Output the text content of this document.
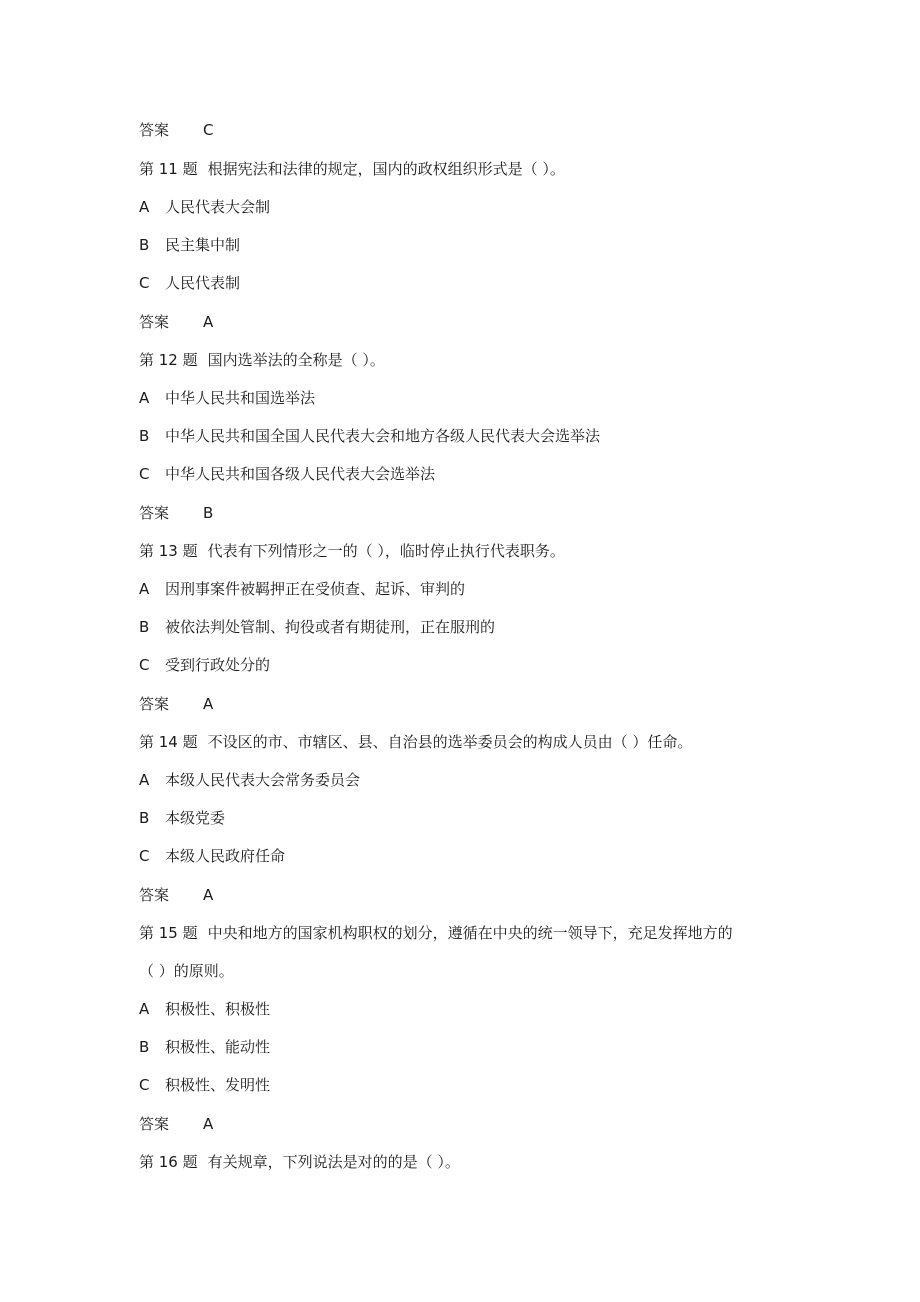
答案 C
第 11 题 根据宪法和法律的规定，国内的政权组织形式是（ ）。
A 人民代表大会制
B 民主集中制
C 人民代表制
答案 A
第 12 题 国内选举法的全称是（ ）。
A 中华人民共和国选举法
B 中华人民共和国全国人民代表大会和地方各级人民代表大会选举法
C 中华人民共和国各级人民代表大会选举法
答案 B
第 13 题 代表有下列情形之一的（ ），临时停止执行代表职务。
A 因刑事案件被羁押正在受侦查、起诉、审判的
B 被依法判处管制、拘役或者有期徒刑，正在服刑的
C 受到行政处分的
答案 A
第 14 题 不设区的市、市辖区、县、自治县的选举委员会的构成人员由（ ）任命。
A 本级人民代表大会常务委员会
B 本级党委
C 本级人民政府任命
答案 A
第 15 题 中央和地方的国家机构职权的划分，遵循在中央的统一领导下，充足发挥地方的
（ ）的原则。
A 积极性、积极性
B 积极性、能动性
C 积极性、发明性
答案 A
第 16 题 有关规章，下列说法是对的的是（ ）。
